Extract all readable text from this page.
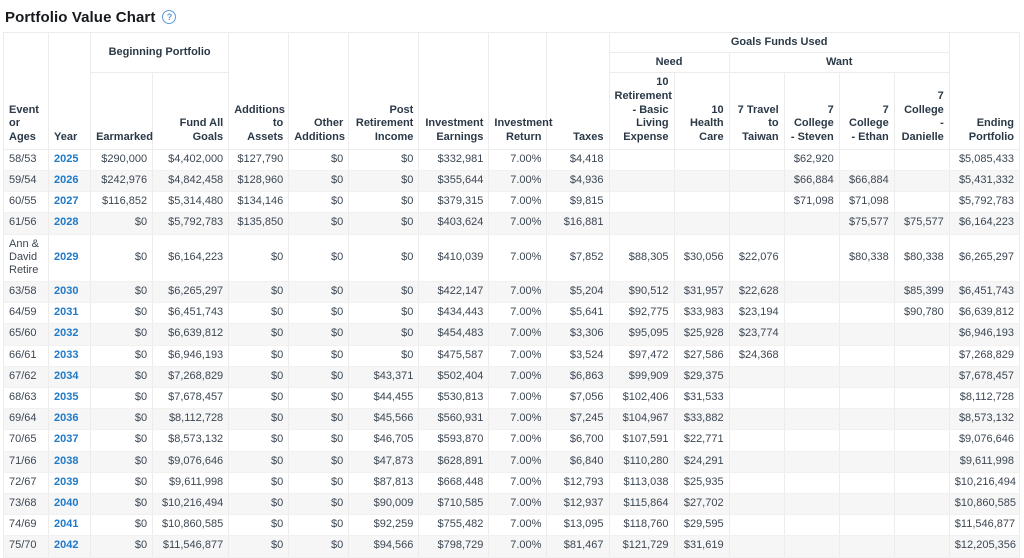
Portfolio Value Chart	?
Event or Ages	Year	Beginning Portfolio		Additions to Assets	Other Additions	Post Retirement Income	Investment Earnings	Investment Return	Taxes	Goals Funds Used						Ending Portfolio
										Need		Want				
		Earmarked	Fund All Goals							10 Retirement - Basic Living Expense	10 Health Care	7 Travel to Taiwan	7 College - Steven	7 College - Ethan	7 College - Danielle	
58/53	2025	$290,000	$4,402,000	$127,790	$0	$0	$332,981	7.00%	$4,418				$62,920			$5,085,433
59/54	2026	$242,976	$4,842,458	$128,960	$0	$0	$355,644	7.00%	$4,936				$66,884	$66,884		$5,431,332
60/55	2027	$116,852	$5,314,480	$134,146	$0	$0	$379,315	7.00%	$9,815				$71,098	$71,098		$5,792,783
61/56	2028	$0	$5,792,783	$135,850	$0	$0	$403,624	7.00%	$16,881					$75,577	$75,577	$6,164,223
Ann & David Retire	2029	$0	$6,164,223	$0	$0	$0	$410,039	7.00%	$7,852	$88,305	$30,056	$22,076		$80,338	$80,338	$6,265,297
63/58	2030	$0	$6,265,297	$0	$0	$0	$422,147	7.00%	$5,204	$90,512	$31,957	$22,628			$85,399	$6,451,743
64/59	2031	$0	$6,451,743	$0	$0	$0	$434,443	7.00%	$5,641	$92,775	$33,983	$23,194			$90,780	$6,639,812
65/60	2032	$0	$6,639,812	$0	$0	$0	$454,483	7.00%	$3,306	$95,095	$25,928	$23,774				$6,946,193
66/61	2033	$0	$6,946,193	$0	$0	$0	$475,587	7.00%	$3,524	$97,472	$27,586	$24,368				$7,268,829
67/62	2034	$0	$7,268,829	$0	$0	$43,371	$502,404	7.00%	$6,863	$99,909	$29,375					$7,678,457
68/63	2035	$0	$7,678,457	$0	$0	$44,455	$530,813	7.00%	$7,056	$102,406	$31,533					$8,112,728
69/64	2036	$0	$8,112,728	$0	$0	$45,566	$560,931	7.00%	$7,245	$104,967	$33,882					$8,573,132
70/65	2037	$0	$8,573,132	$0	$0	$46,705	$593,870	7.00%	$6,700	$107,591	$22,771					$9,076,646
71/66	2038	$0	$9,076,646	$0	$0	$47,873	$628,891	7.00%	$6,840	$110,280	$24,291					$9,611,998
72/67	2039	$0	$9,611,998	$0	$0	$87,813	$668,448	7.00%	$12,793	$113,038	$25,935					$10,216,494
73/68	2040	$0	$10,216,494	$0	$0	$90,009	$710,585	7.00%	$12,937	$115,864	$27,702					$10,860,585
74/69	2041	$0	$10,860,585	$0	$0	$92,259	$755,482	7.00%	$13,095	$118,760	$29,595					$11,546,877
75/70	2042	$0	$11,546,877	$0	$0	$94,566	$798,729	7.00%	$81,467	$121,729	$31,619					$12,205,356
